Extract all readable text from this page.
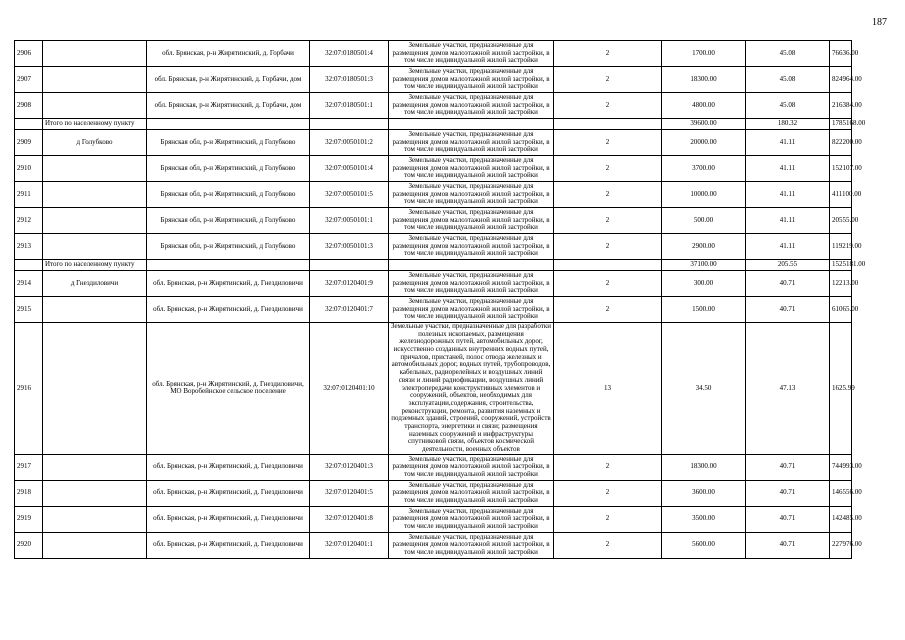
187
2906		обл. Брянская, р-н Жирятинский, д. Горбачи	32:07:0180501:4	Земельные участки, предназначенные для размещения домов малоэтажной жилой застройки, в том числе индивидуальной жилой застройки	2	1700.00	45.08	76636.00
2907		обл. Брянская, р-н Жирятинский, д. Горбачи, дом	32:07:0180501:3	Земельные участки, предназначенные для размещения домов малоэтажной жилой застройки, в том числе индивидуальной жилой застройки	2	18300.00	45.08	824964.00
2908		обл. Брянская, р-н Жирятинский, д. Горбачи, дом	32:07:0180501:1	Земельные участки, предназначенные для размещения домов малоэтажной жилой застройки, в том числе индивидуальной жилой застройки	2	4800.00	45.08	216384.00
	Итого по населенному пункту					39600.00	180.32	1785168.00
2909	д Голубково	Брянская обл, р-н Жирятинский, д Голубково	32:07:0050101:2	Земельные участки, предназначенные для размещения домов малоэтажной жилой застройки, в том числе индивидуальной жилой застройки	2	20000.00	41.11	822200.00
2910		Брянская обл, р-н Жирятинский, д Голубково	32:07:0050101:4	Земельные участки, предназначенные для размещения домов малоэтажной жилой застройки, в том числе индивидуальной жилой застройки	2	3700.00	41.11	152107.00
2911		Брянская обл, р-н Жирятинский, д Голубково	32:07:0050101:5	Земельные участки, предназначенные для размещения домов малоэтажной жилой застройки, в том числе индивидуальной жилой застройки	2	10000.00	41.11	411100.00
2912		Брянская обл, р-н Жирятинский, д Голубково	32:07:0050101:1	Земельные участки, предназначенные для размещения домов малоэтажной жилой застройки, в том числе индивидуальной жилой застройки	2	500.00	41.11	20555.00
2913		Брянская обл, р-н Жирятинский, д Голубково	32:07:0050101:3	Земельные участки, предназначенные для размещения домов малоэтажной жилой застройки, в том числе индивидуальной жилой застройки	2	2900.00	41.11	119219.00
	Итого по населенному пункту					37100.00	205.55	1525181.00
2914	д Гнездиловичи	обл. Брянская, р-н Жирятинский, д. Гнездиловичи	32:07:0120401:9	Земельные участки, предназначенные для размещения домов малоэтажной жилой застройки, в том числе индивидуальной жилой застройки	2	300.00	40.71	12213.00
2915		обл. Брянская, р-н Жирятинский, д. Гнездиловичи	32:07:0120401:7	Земельные участки, предназначенные для размещения домов малоэтажной жилой застройки, в том числе индивидуальной жилой застройки	2	1500.00	40.71	61065.00
2916		обл. Брянская, р-н Жирятинский, д. Гнездиловичи, МО Воробейнское сельское поселение	32:07:0120401:10	Земельные участки, предназначенные для разработки полезных ископаемых, размещения железнодорожных путей, автомобильных дорог, искусственно созданных внутренних водных путей, причалов, пристаней, полос отвода железных и автомобильных дорог, водных путей, трубопроводов, кабельных, радиорелейных и воздушных линий связи и линий радиофикации, воздушных линий электропередачи конструктивных элементов и сооружений, объектов, необходимых для эксплуатации,содержания, строительства, реконструкции, ремонта, развития наземных и подземных зданий, строений, сооружений, устройств транспорта, энергетики и связи; размещения наземных сооружений и инфраструктуры спутниковой связи, объектов космической деятельности, военных объектов	13	34.50	47.13	1625.99
2917		обл. Брянская, р-н Жирятинский, д. Гнездиловичи	32:07:0120401:3	Земельные участки, предназначенные для размещения домов малоэтажной жилой застройки, в том числе индивидуальной жилой застройки	2	18300.00	40.71	744993.00
2918		обл. Брянская, р-н Жирятинский, д. Гнездиловичи	32:07:0120401:5	Земельные участки, предназначенные для размещения домов малоэтажной жилой застройки, в том числе индивидуальной жилой застройки	2	3600.00	40.71	146556.00
2919		обл. Брянская, р-н Жирятинский, д. Гнездиловичи	32:07:0120401:8	Земельные участки, предназначенные для размещения домов малоэтажной жилой застройки, в том числе индивидуальной жилой застройки	2	3500.00	40.71	142485.00
2920		обл. Брянская, р-н Жирятинский, д. Гнездиловичи	32:07:0120401:1	Земельные участки, предназначенные для размещения домов малоэтажной жилой застройки, в том числе индивидуальной жилой застройки	2	5600.00	40.71	227976.00
